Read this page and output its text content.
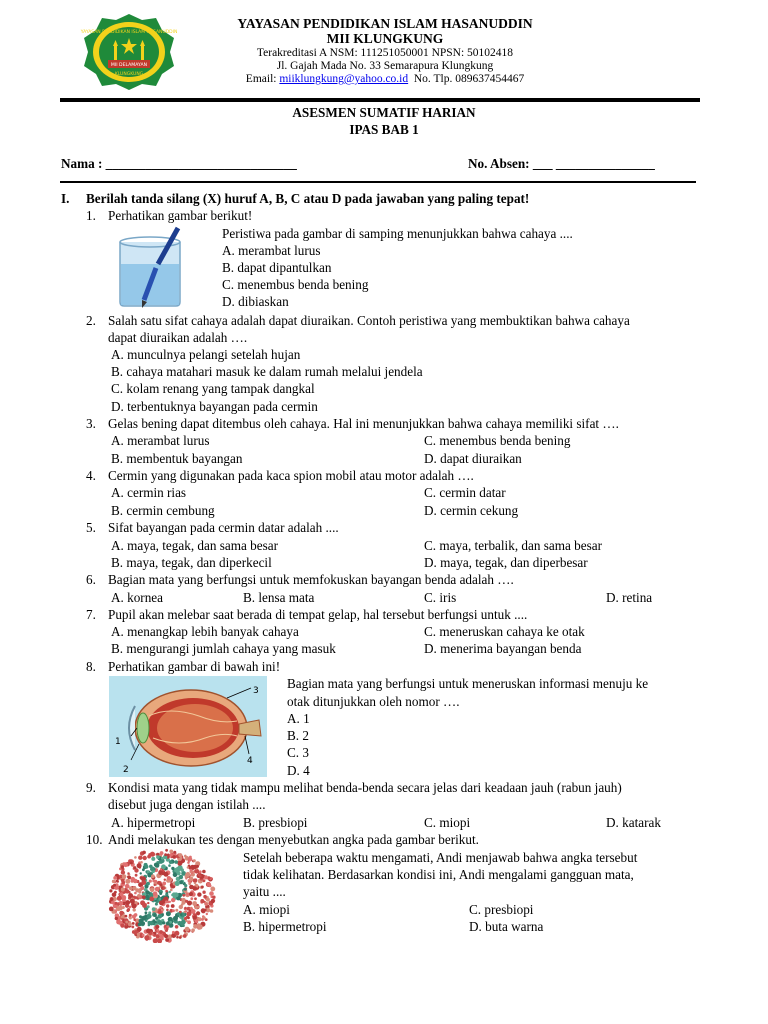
YAYASAN PENDIDIKAN ISLAM HASANUDDIN
MII DELAMAYAN
KLUNGKUNG
YAYASAN PENDIDIKAN ISLAM HASANUDDIN
MII KLUNGKUNG
Terakreditasi A NSM: 111251050001 NPSN: 50102418
Jl. Gajah Mada No. 33 Semarapura Klungkung
Email: miiklungkung@yahoo.co.id No. Tlp. 089637454467
ASESMEN SUMATIF HARIAN
IPAS BAB 1
Nama : _____________________________	No. Absen: ___ _______________
I. Berilah tanda silang (X) huruf A, B, C atau D pada jawaban yang paling tepat!
1. Perhatikan gambar berikut!
Peristiwa pada gambar di samping menunjukkan bahwa cahaya ....
A. merambat lurus
B. dapat dipantulkan
C. menembus benda bening
D. dibiaskan
2. Salah satu sifat cahaya adalah dapat diuraikan. Contoh peristiwa yang membuktikan bahwa cahaya
dapat diuraikan adalah ….
A. munculnya pelangi setelah hujan
B. cahaya matahari masuk ke dalam rumah melalui jendela
C. kolam renang yang tampak dangkal
D. terbentuknya bayangan pada cermin
3. Gelas bening dapat ditembus oleh cahaya. Hal ini menunjukkan bahwa cahaya memiliki sifat ….
A. merambat lurus
B. membentuk bayangan
C. menembus benda bening
D. dapat diuraikan
4. Cermin yang digunakan pada kaca spion mobil atau motor adalah ….
A. cermin rias
B. cermin cembung
C. cermin datar
D. cermin cekung
5. Sifat bayangan pada cermin datar adalah ....
A. maya, tegak, dan sama besar
B. maya, tegak, dan diperkecil
C. maya, terbalik, dan sama besar
D. maya, tegak, dan diperbesar
6. Bagian mata yang berfungsi untuk memfokuskan bayangan benda adalah ….
A. kornea	B. lensa mata	C. iris	D. retina
7. Pupil akan melebar saat berada di tempat gelap, hal tersebut berfungsi untuk ....
A. menangkap lebih banyak cahaya
B. mengurangi jumlah cahaya yang masuk
C. meneruskan cahaya ke otak
D. menerima bayangan benda
8. Perhatikan gambar di bawah ini!
1
2
3
4
Bagian mata yang berfungsi untuk meneruskan informasi menuju ke
otak ditunjukkan oleh nomor ….
A. 1
B. 2
C. 3
D. 4
9. Kondisi mata yang tidak mampu melihat benda-benda secara jelas dari keadaan jauh (rabun jauh)
disebut juga dengan istilah ....
A. hipermetropi	B. presbiopi	C. miopi	D. katarak
10. Andi melakukan tes dengan menyebutkan angka pada gambar berikut.
Setelah beberapa waktu mengamati, Andi menjawab bahwa angka tersebut
tidak kelihatan. Berdasarkan kondisi ini, Andi mengalami gangguan mata,
yaitu ....
A. miopi
B. hipermetropi
C. presbiopi
D. buta warna
